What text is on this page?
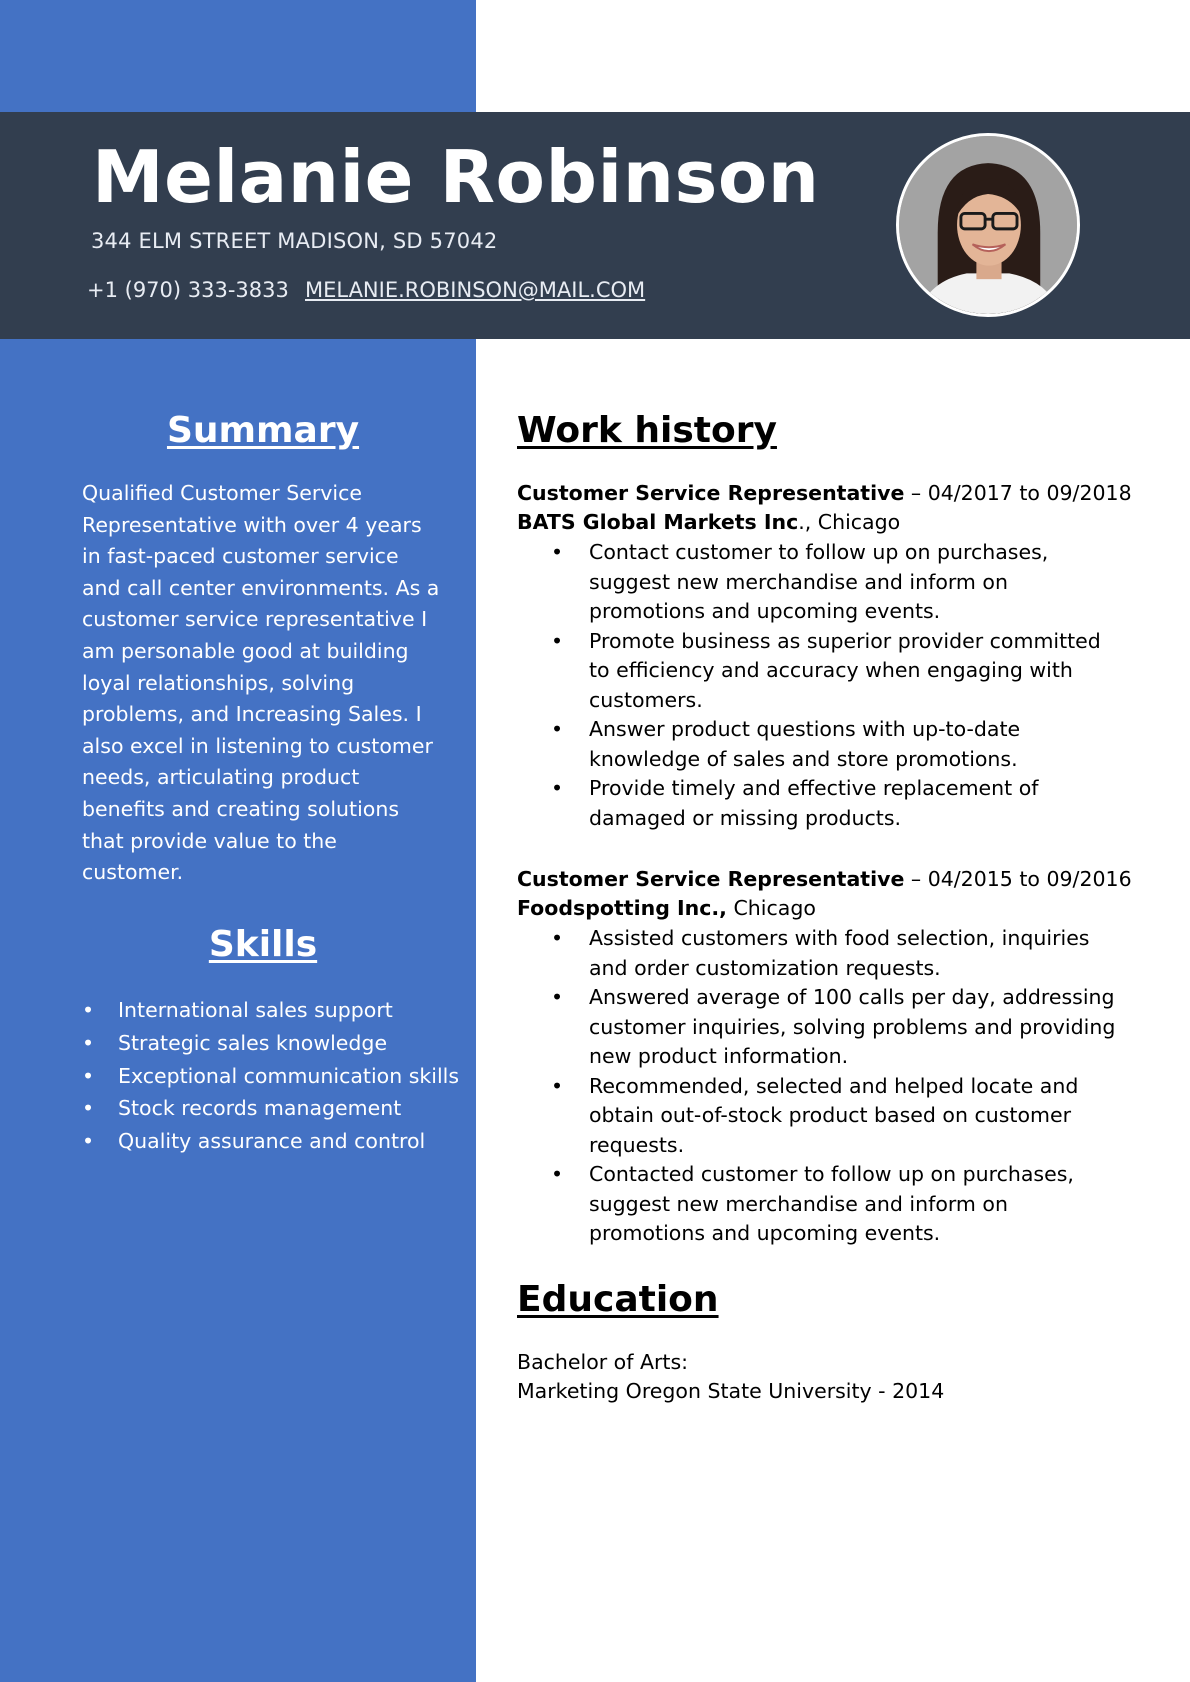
Melanie Robinson
344 ELM STREET MADISON, SD 57042
+1 (970) 333-3833 MELANIE.ROBINSON@MAIL.COM
Summary

Qualified Customer Service Representative with over 4 years in fast-paced customer service and call center environments. As a customer service representative I am personable good at building loyal relationships, solving problems, and Increasing Sales. I also excel in listening to customer needs, articulating product benefits and creating solutions that provide value to the customer.

Skills
• International sales support
• Strategic sales knowledge
• Exceptional communication skills
• Stock records management
• Quality assurance and control
Work history
Customer Service Representative – 04/2017 to 09/2018
BATS Global Markets Inc., Chicago
• Contact customer to follow up on purchases, suggest new merchandise and inform on promotions and upcoming events.
• Promote business as superior provider committed to efficiency and accuracy when engaging with customers.
• Answer product questions with up-to-date knowledge of sales and store promotions.
• Provide timely and effective replacement of damaged or missing products.
Customer Service Representative – 04/2015 to 09/2016
Foodspotting Inc., Chicago
• Assisted customers with food selection, inquiries and order customization requests.
• Answered average of 100 calls per day, addressing customer inquiries, solving problems and providing new product information.
• Recommended, selected and helped locate and obtain out-of-stock product based on customer requests.
• Contacted customer to follow up on purchases, suggest new merchandise and inform on promotions and upcoming events.
Education
Bachelor of Arts:
Marketing Oregon State University - 2014
